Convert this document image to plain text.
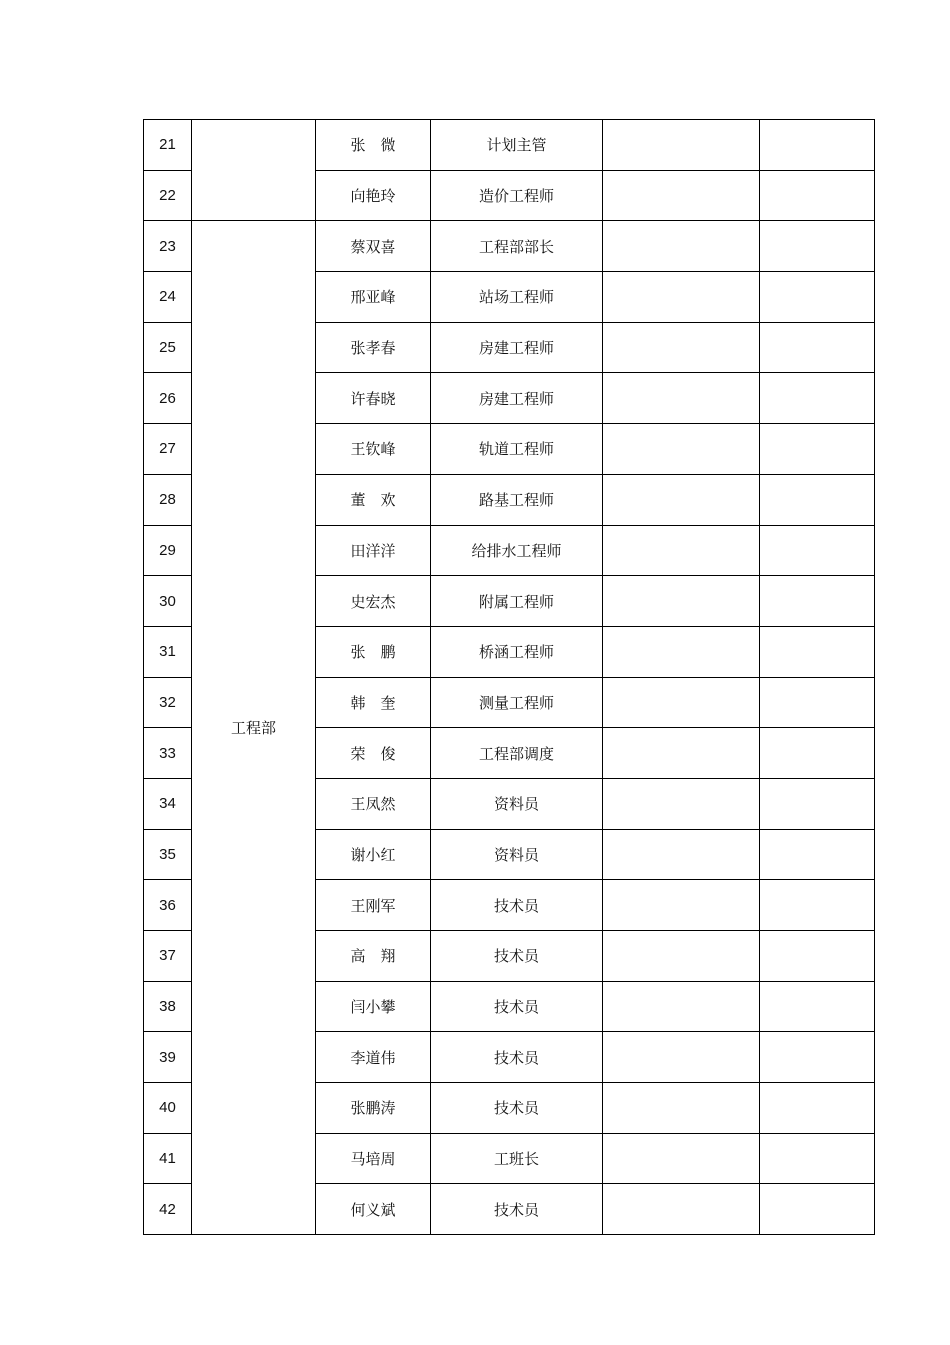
21		张　微	计划主管		
22		向艳玲	造价工程师		
23	工程部	蔡双喜	工程部部长		
24		邢亚峰	站场工程师		
25		张孝春	房建工程师		
26		许春晓	房建工程师		
27		王钦峰	轨道工程师		
28		董　欢	路基工程师		
29		田洋洋	给排水工程师		
30		史宏杰	附属工程师		
31		张　鹏	桥涵工程师		
32		韩　奎	测量工程师		
33		荣　俊	工程部调度		
34		王凤然	资料员		
35		谢小红	资料员		
36		王刚军	技术员		
37		高　翔	技术员		
38		闫小攀	技术员		
39		李道伟	技术员		
40		张鹏涛	技术员		
41		马培周	工班长		
42		何义斌	技术员		
